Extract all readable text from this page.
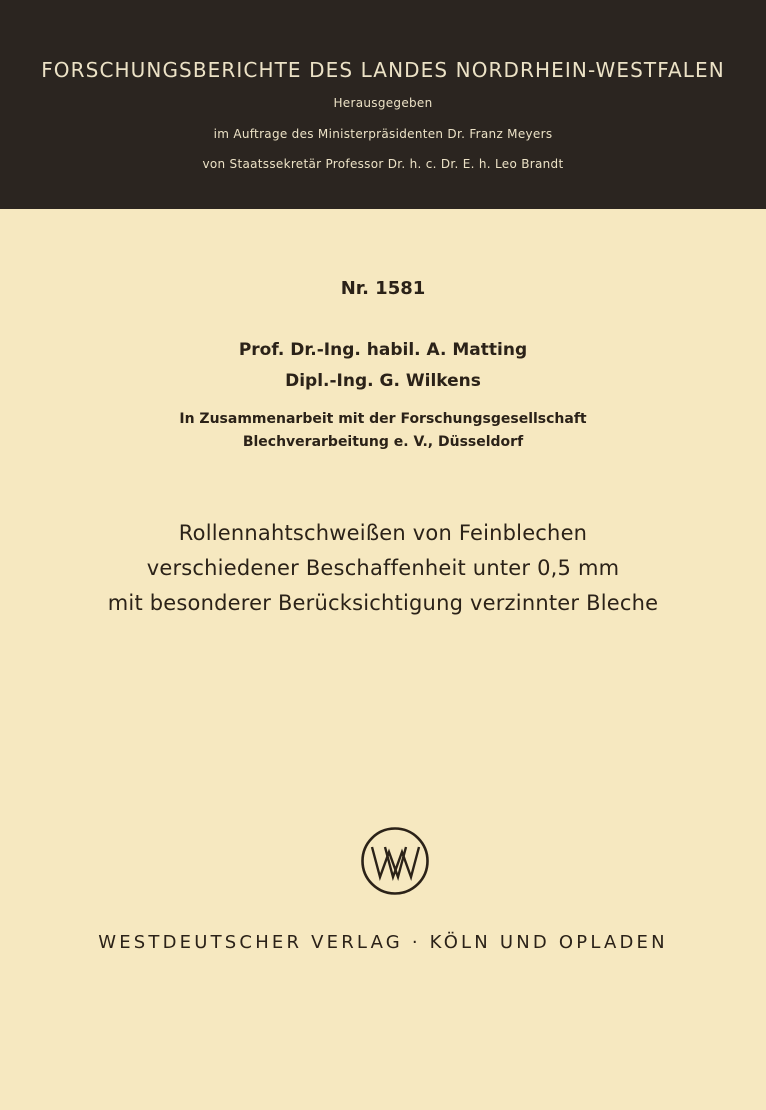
FORSCHUNGSBERICHTE DES LANDES NORDRHEIN-WESTFALEN
Herausgegeben
im Auftrage des Ministerpräsidenten Dr. Franz Meyers
von Staatssekretär Professor Dr. h. c. Dr. E. h. Leo Brandt
Nr. 1581
Prof. Dr.-Ing. habil. A. Matting
Dipl.-Ing. G. Wilkens
In Zusammenarbeit mit der Forschungsgesellschaft
Blechverarbeitung e. V., Düsseldorf
Rollennahtschweißen von Feinblechen
verschiedener Beschaffenheit unter 0,5 mm
mit besonderer Berücksichtigung verzinnter Bleche
WESTDEUTSCHER VERLAG · KÖLN UND OPLADEN
